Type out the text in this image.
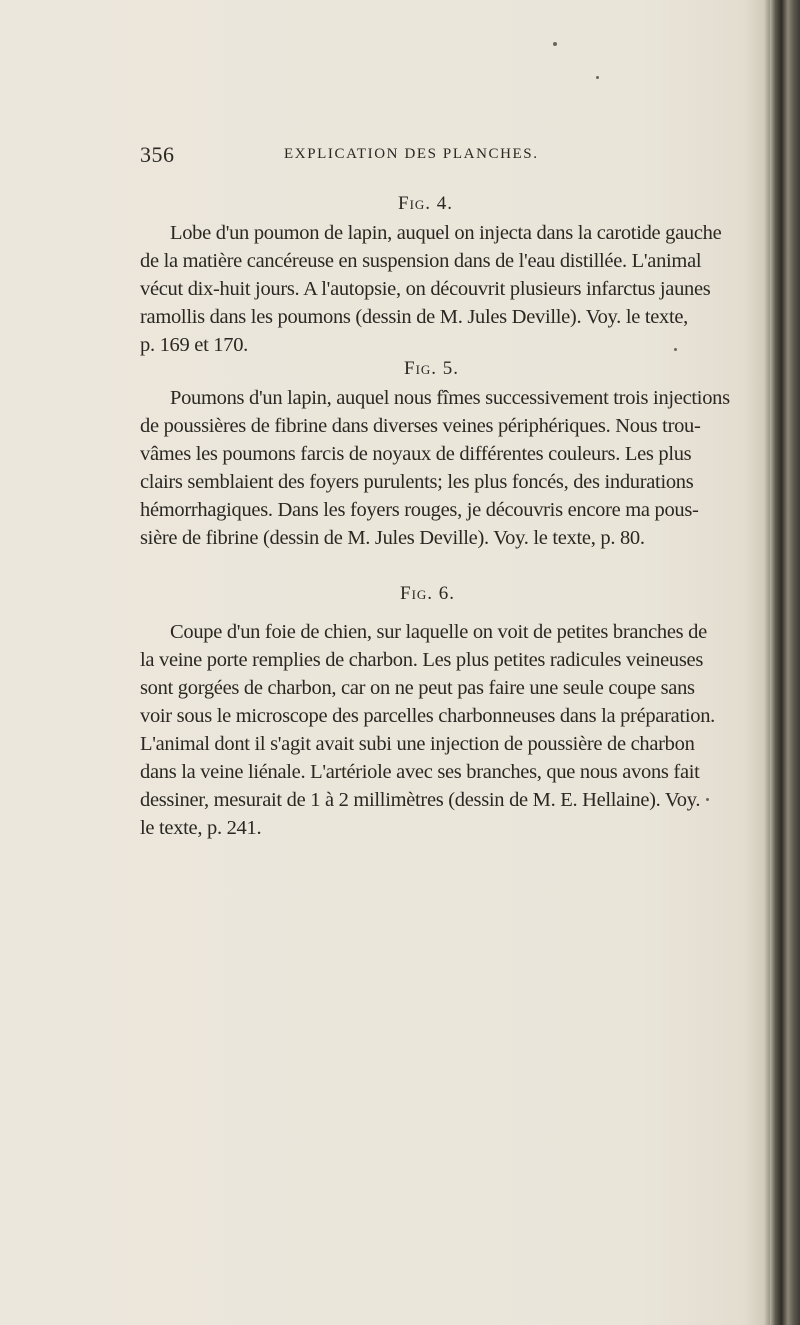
356	EXPLICATION DES PLANCHES.
Fig. 4.
Lobe d'un poumon de lapin, auquel on injecta dans la carotide gauche
de la matière cancéreuse en suspension dans de l'eau distillée. L'animal
vécut dix-huit jours. A l'autopsie, on découvrit plusieurs infarctus jaunes
ramollis dans les poumons (dessin de M. Jules Deville). Voy. le texte,
p. 169 et 170.
Fig. 5.
Poumons d'un lapin, auquel nous fîmes successivement trois injections
de poussières de fibrine dans diverses veines périphériques. Nous trou-
vâmes les poumons farcis de noyaux de différentes couleurs. Les plus
clairs semblaient des foyers purulents; les plus foncés, des indurations
hémorrhagiques. Dans les foyers rouges, je découvris encore ma pous-
sière de fibrine (dessin de M. Jules Deville). Voy. le texte, p. 80.
Fig. 6.
Coupe d'un foie de chien, sur laquelle on voit de petites branches de
la veine porte remplies de charbon. Les plus petites radicules veineuses
sont gorgées de charbon, car on ne peut pas faire une seule coupe sans
voir sous le microscope des parcelles charbonneuses dans la préparation.
L'animal dont il s'agit avait subi une injection de poussière de charbon
dans la veine liénale. L'artériole avec ses branches, que nous avons fait
dessiner, mesurait de 1 à 2 millimètres (dessin de M. E. Hellaine). Voy.
le texte, p. 241.
